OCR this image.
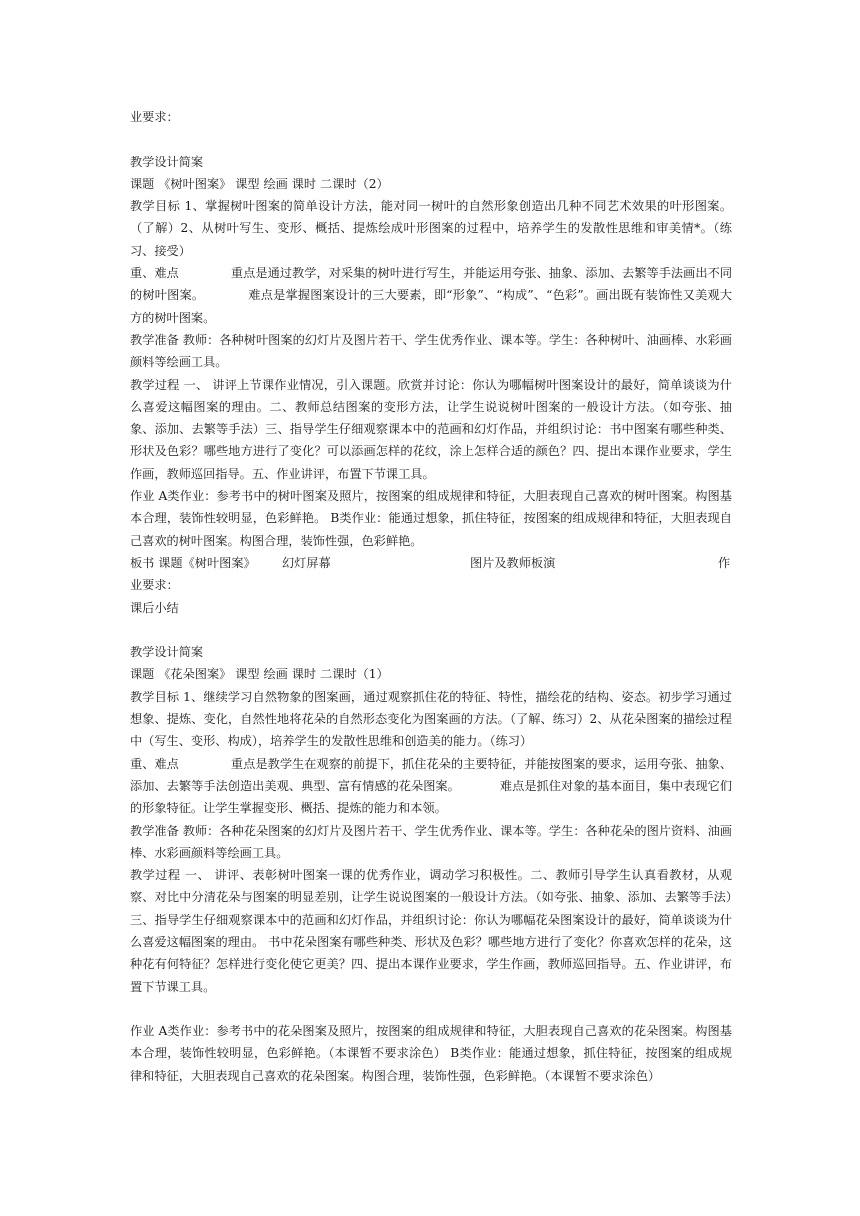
业要求：
教学设计简案
课题 《树叶图案》 课型 绘画 课时 二课时（2）
教学目标 1、掌握树叶图案的简单设计方法，能对同一树叶的自然形象创造出几种不同艺术效果的叶形图案。（了解）2、从树叶写生、变形、概括、提炼绘成叶形图案的过程中，培养学生的发散性思维和审美情*。（练习、接受）
重、难点	重点是通过教学，对采集的树叶进行写生，并能运用夸张、抽象、添加、去繁等手法画出不同的树叶图案。	难点是掌握图案设计的三大要素，即“形象”、“构成”、“色彩”。画出既有装饰性又美观大方的树叶图案。
教学准备 教师：各种树叶图案的幻灯片及图片若干、学生优秀作业、课本等。学生：各种树叶、油画棒、水彩画颜料等绘画工具。
教学过程 一、 讲评上节课作业情况，引入课题。欣赏并讨论：你认为哪幅树叶图案设计的最好，简单谈谈为什么喜爱这幅图案的理由。二、教师总结图案的变形方法，让学生说说树叶图案的一般设计方法。（如夸张、抽象、添加、去繁等手法）三、指导学生仔细观察课本中的范画和幻灯作品，并组织讨论：书中图案有哪些种类、形状及色彩？哪些地方进行了变化？可以添画怎样的花纹，涂上怎样合适的颜色？四、提出本课作业要求，学生作画，教师巡回指导。五、作业讲评，布置下节课工具。
作业 A类作业：参考书中的树叶图案及照片，按图案的组成规律和特征，大胆表现自己喜欢的树叶图案。构图基本合理，装饰性较明显，色彩鲜艳。 B类作业：能通过想象，抓住特征，按图案的组成规律和特征，大胆表现自己喜欢的树叶图案。构图合理，装饰性强，色彩鲜艳。
板书 课题《树叶图案》 幻灯屏幕	图片及教师板演	作
业要求：
课后小结
教学设计简案
课题 《花朵图案》 课型 绘画 课时 二课时（1）
教学目标 1、继续学习自然物象的图案画，通过观察抓住花的特征、特性，描绘花的结构、姿态。初步学习通过想象、提炼、变化，自然性地将花朵的自然形态变化为图案画的方法。（了解、练习）2、从花朵图案的描绘过程中（写生、变形、构成），培养学生的发散性思维和创造美的能力。（练习）
重、难点	重点是教学生在观察的前提下，抓住花朵的主要特征，并能按图案的要求，运用夸张、抽象、添加、去繁等手法创造出美观、典型、富有情感的花朵图案。	难点是抓住对象的基本面目，集中表现它们的形象特征。让学生掌握变形、概括、提炼的能力和本领。
教学准备 教师：各种花朵图案的幻灯片及图片若干、学生优秀作业、课本等。学生：各种花朵的图片资料、油画棒、水彩画颜料等绘画工具。
教学过程 一、 讲评、表彰树叶图案一课的优秀作业，调动学习积极性。二、教师引导学生认真看教材，从观察、对比中分清花朵与图案的明显差别，让学生说说图案的一般设计方法。（如夸张、抽象、添加、去繁等手法）三、指导学生仔细观察课本中的范画和幻灯作品，并组织讨论：你认为哪幅花朵图案设计的最好，简单谈谈为什么喜爱这幅图案的理由。 书中花朵图案有哪些种类、形状及色彩？哪些地方进行了变化？你喜欢怎样的花朵，这种花有何特征？怎样进行变化使它更美？四、提出本课作业要求，学生作画，教师巡回指导。五、作业讲评，布置下节课工具。
作业 A类作业：参考书中的花朵图案及照片，按图案的组成规律和特征，大胆表现自己喜欢的花朵图案。构图基本合理，装饰性较明显，色彩鲜艳。（本课暂不要求涂色） B类作业：能通过想象，抓住特征，按图案的组成规律和特征，大胆表现自己喜欢的花朵图案。构图合理，装饰性强，色彩鲜艳。（本课暂不要求涂色）
